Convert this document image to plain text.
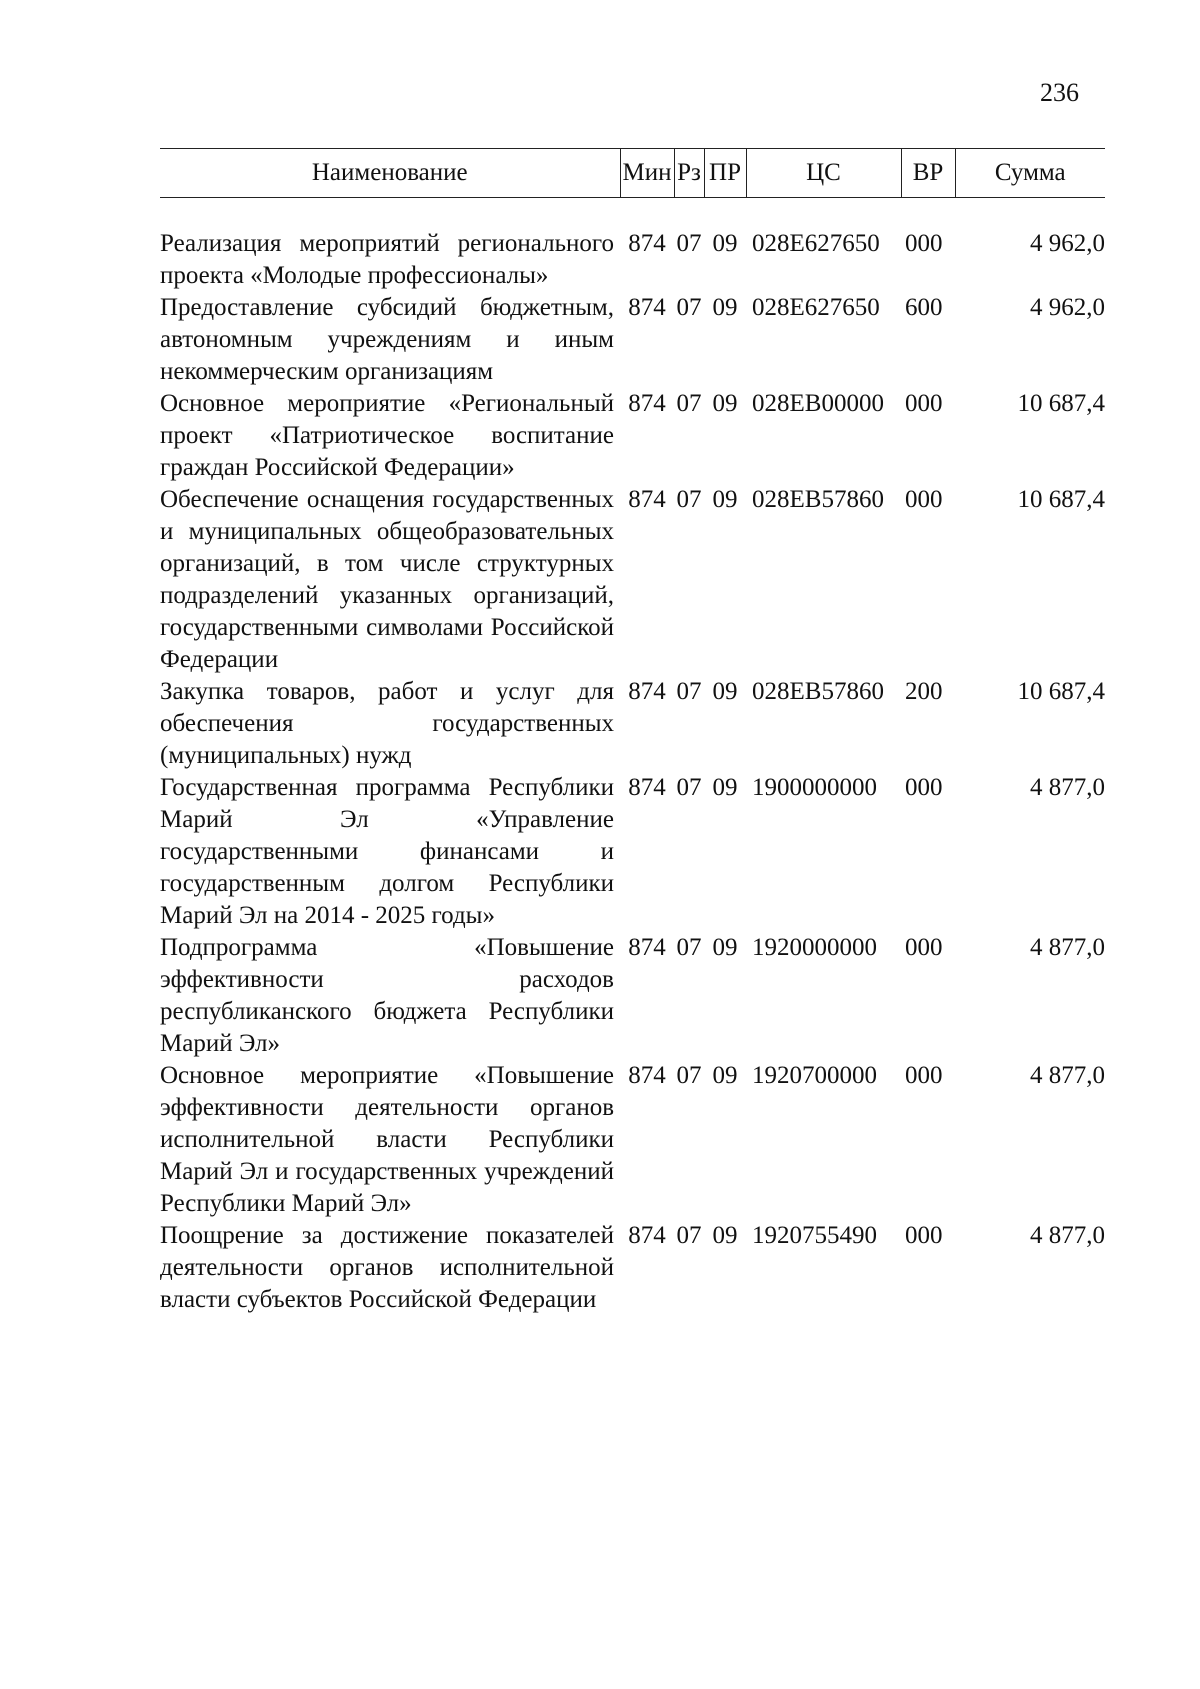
236
Наименование	Мин	Рз	ПР	ЦС	ВР	Сумма

Реализация мероприятий регионального проекта «Молодые профессионалы»	874	07	09	028E627650	000	4 962,0
Предоставление субсидий бюджетным, автономным учреждениям и иным некоммерческим организациям	874	07	09	028E627650	600	4 962,0
Основное мероприятие «Региональный проект «Патриотическое воспитание граждан Российской Федерации»	874	07	09	028EB00000	000	10 687,4
Обеспечение оснащения государственных и муниципальных общеобразовательных организаций, в том числе структурных подразделений указанных организаций, государственными символами Российской Федерации	874	07	09	028EB57860	000	10 687,4
Закупка товаров, работ и услуг для обеспечения государственных (муниципальных) нужд	874	07	09	028EB57860	200	10 687,4
Государственная программа Республики Марий Эл «Управление государственными финансами и государственным долгом Республики Марий Эл на 2014 - 2025 годы»	874	07	09	1900000000	000	4 877,0
Подпрограмма «Повышение эффективности расходов республиканского бюджета Республики Марий Эл»	874	07	09	1920000000	000	4 877,0
Основное мероприятие «Повышение эффективности деятельности органов исполнительной власти Республики Марий Эл и государственных учреждений Республики Марий Эл»	874	07	09	1920700000	000	4 877,0
Поощрение за достижение показателей деятельности органов исполнительной власти субъектов Российской Федерации	874	07	09	1920755490	000	4 877,0
